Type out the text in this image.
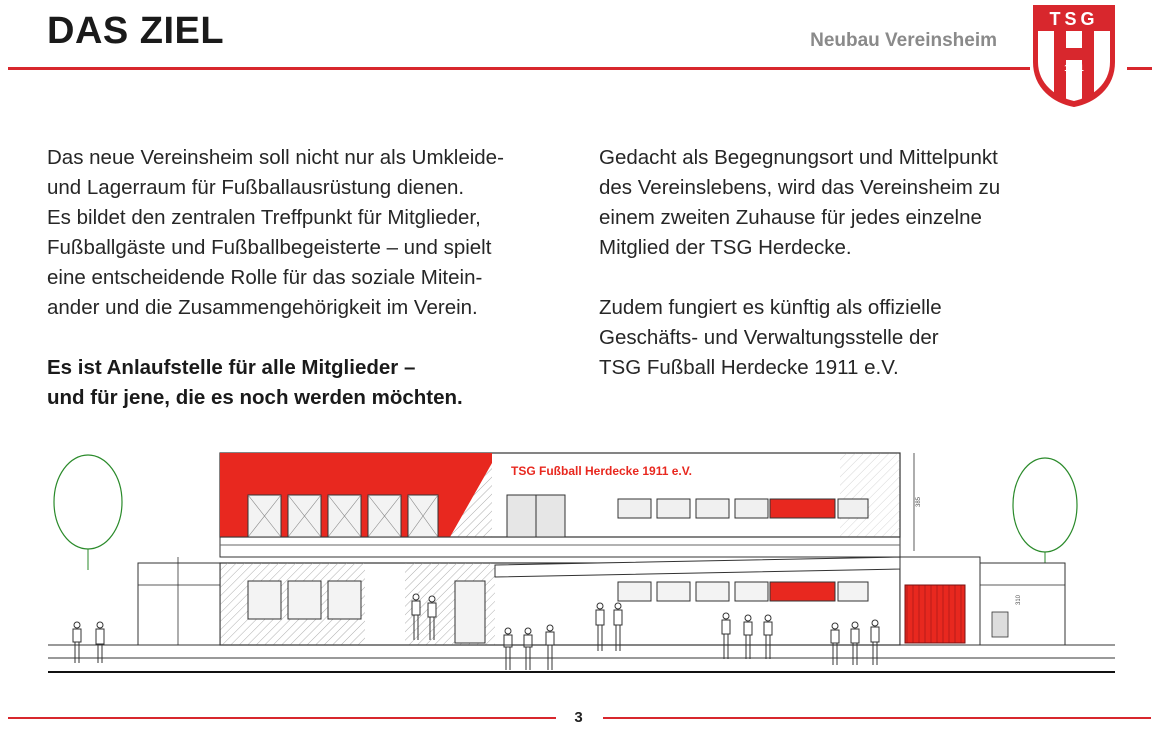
DAS ZIEL	Neubau Vereinsheim
TSG
1911

Das neue Vereinsheim soll nicht nur als Umkleide-
und Lagerraum für Fußballausrüstung dienen.
Es bildet den zentralen Treffpunkt für Mitglieder,
Fußballgäste und Fußballbegeisterte – und spielt
eine entscheidende Rolle für das soziale Mitein-
ander und die Zusammengehörigkeit im Verein.

Es ist Anlaufstelle für alle Mitglieder –
und für jene, die es noch werden möchten.

Gedacht als Begegnungsort und Mittelpunkt
des Vereinslebens, wird das Vereinsheim zu
einem zweiten Zuhause für jedes einzelne
Mitglied der TSG Herdecke.

Zudem fungiert es künftig als offizielle
Geschäfts- und Verwaltungsstelle der
TSG Fußball Herdecke 1911 e.V.

TSG Fußball Herdecke 1911 e.V.
385
310
3
